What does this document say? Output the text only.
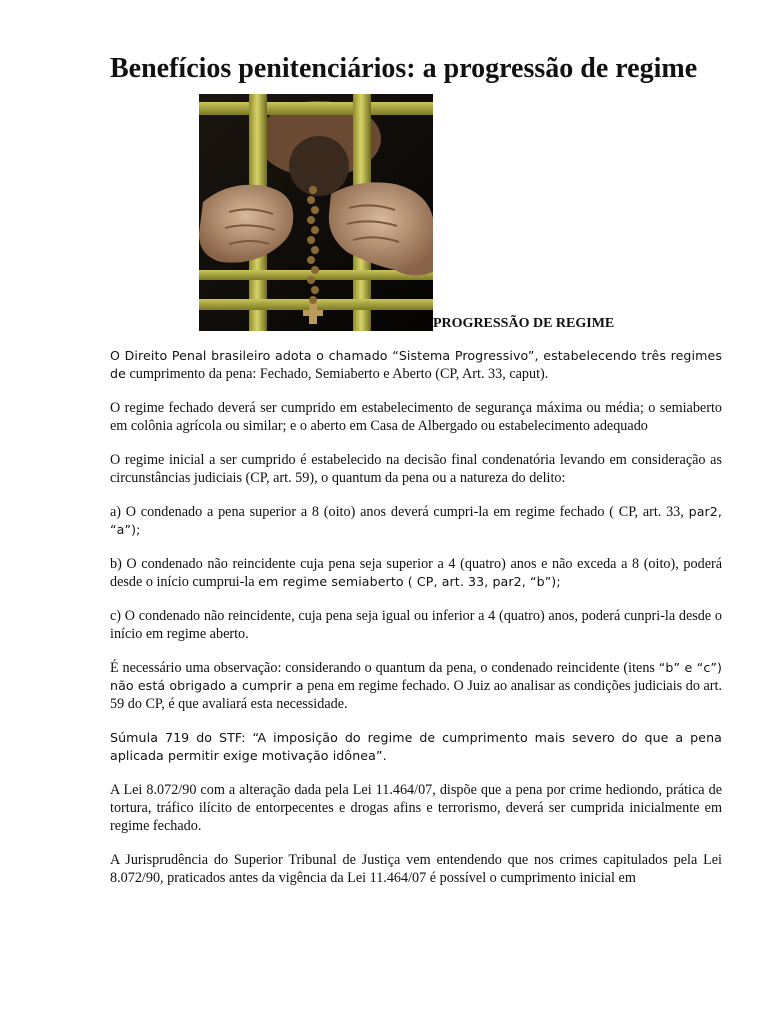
Benefícios penitenciários: a progressão de regime
PROGRESSÃO DE REGIME

O Direito Penal brasileiro adota o chamado “Sistema Progressivo”, estabelecendo três regimes de cumprimento da pena: Fechado, Semiaberto e Aberto (CP, Art. 33, caput).

O regime fechado deverá ser cumprido em estabelecimento de segurança máxima ou média; o semiaberto em colônia agrícola ou similar; e o aberto em Casa de Albergado ou estabelecimento adequado

O regime inicial a ser cumprido é estabelecido na decisão final condenatória levando em consideração as circunstâncias judiciais (CP, art. 59), o quantum da pena ou a natureza do delito:

a) O condenado a pena superior a 8 (oito) anos deverá cumpri-la em regime fechado ( CP, art. 33, par2, “a”);

b) O condenado não reincidente cuja pena seja superior a 4 (quatro) anos e não exceda a 8 (oito), poderá desde o início cumprui-la em regime semiaberto ( CP, art. 33, par2, “b”);

c) O condenado não reincidente, cuja pena seja igual ou inferior a 4 (quatro) anos, poderá cunpri-la desde o início em regime aberto.

É necessário uma observação: considerando o quantum da pena, o condenado reincidente (itens “b” e “c”) não está obrigado a cumprir a pena em regime fechado. O Juiz ao analisar as condições judiciais do art. 59 do CP, é que avaliará esta necessidade.

Súmula 719 do STF: “A imposição do regime de cumprimento mais severo do que a pena aplicada permitir exige motivação idônea”.

A Lei 8.072/90 com a alteração dada pela Lei 11.464/07, dispõe que a pena por crime hediondo, prática de tortura, tráfico ilícito de entorpecentes e drogas afins e terrorismo, deverá ser cumprida inicialmente em regime fechado.

A Jurisprudência do Superior Tribunal de Justiça vem entendendo que nos crimes capitulados pela Lei 8.072/90, praticados antes da vigência da Lei 11.464/07 é possível o cumprimento inicial em
